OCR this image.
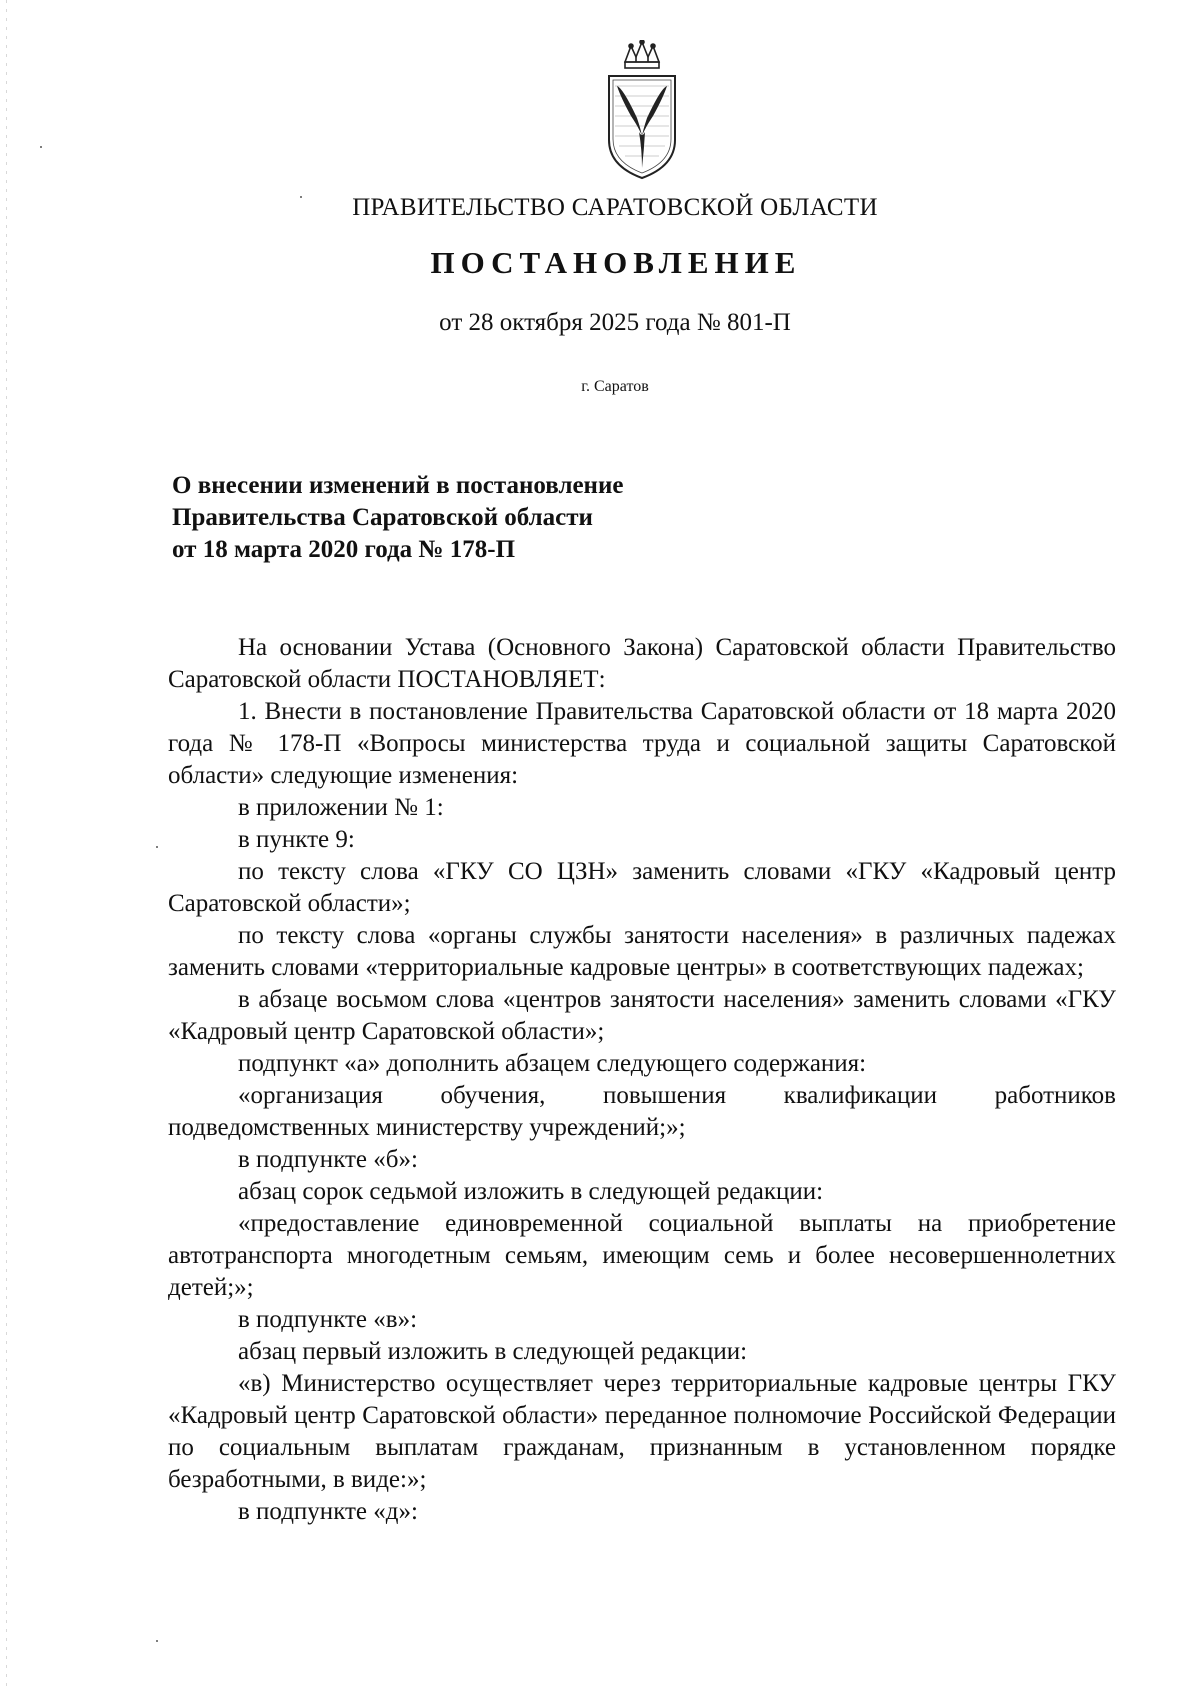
ПРАВИТЕЛЬСТВО САРАТОВСКОЙ ОБЛАСТИ
ПОСТАНОВЛЕНИЕ
от 28 октября 2025 года № 801-П
г. Саратов
О внесении изменений в постановление
Правительства Саратовской области
от 18 марта 2020 года № 178-П

На основании Устава (Основного Закона) Саратовской области Правительство Саратовской области ПОСТАНОВЛЯЕТ:

1. Внести в постановление Правительства Саратовской области от 18 марта 2020 года № 178-П «Вопросы министерства труда и социальной защиты Саратовской области» следующие изменения:

в приложении № 1:

в пункте 9:

по тексту слова «ГКУ СО ЦЗН» заменить словами «ГКУ «Кадровый центр Саратовской области»;

по тексту слова «органы службы занятости населения» в различных падежах заменить словами «территориальные кадровые центры» в соответствующих падежах;

в абзаце восьмом слова «центров занятости населения» заменить словами «ГКУ «Кадровый центр Саратовской области»;

подпункт «а» дополнить абзацем следующего содержания:

«организация обучения, повышения квалификации работников подведомственных министерству учреждений;»;

в подпункте «б»:

абзац сорок седьмой изложить в следующей редакции:

«предоставление единовременной социальной выплаты на приобретение автотранспорта многодетным семьям, имеющим семь и более несовершеннолетних детей;»;

в подпункте «в»:

абзац первый изложить в следующей редакции:

«в) Министерство осуществляет через территориальные кадровые центры ГКУ «Кадровый центр Саратовской области» переданное полномочие Российской Федерации по социальным выплатам гражданам, признанным в установленном порядке безработными, в виде:»;

в подпункте «д»:
